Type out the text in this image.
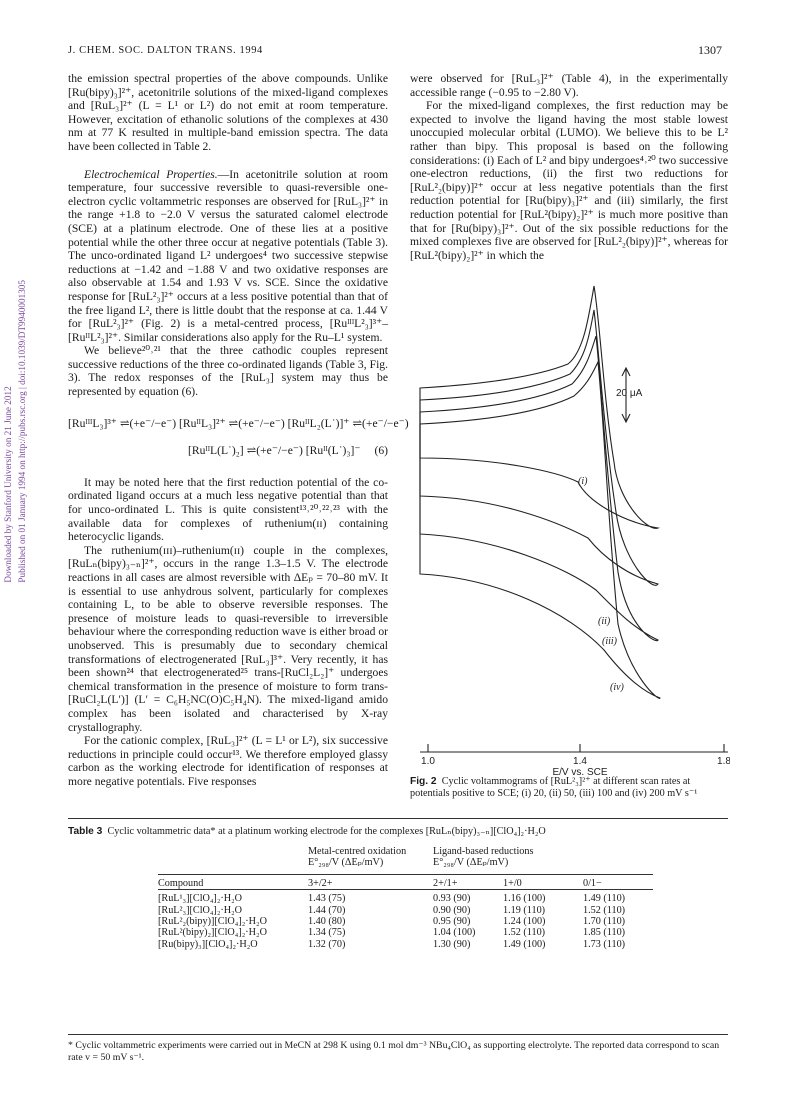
J. CHEM. SOC. DALTON TRANS. 1994	1307
Downloaded by Stanford University on 21 June 2012 Published on 01 January 1994 on http://pubs.rsc.org | doi:10.1039/DT9940001305

the emission spectral properties of the above compounds. Unlike [Ru(bipy)₃]²⁺, acetonitrile solutions of the mixed-ligand complexes and [RuL₃]²⁺ (L = L¹ or L²) do not emit at room temperature. However, excitation of ethanolic solutions of the complexes at 430 nm at 77 K resulted in multiple-band emission spectra. The data have been collected in Table 2.

Electrochemical Properties.—In acetonitrile solution at room temperature, four successive reversible to quasi-reversible one-electron cyclic voltammetric responses are observed for [RuL₃]²⁺ in the range +1.8 to −2.0 V versus the saturated calomel electrode (SCE) at a platinum electrode. One of these lies at a positive potential while the other three occur at negative potentials (Table 3). The unco-ordinated ligand L² undergoes⁴ two successive stepwise reductions at −1.42 and −1.88 V and two oxidative responses are also observable at 1.54 and 1.93 V vs. SCE. Since the oxidative response for [RuL²₃]²⁺ occurs at a less positive potential than that of the free ligand L², there is little doubt that the response at ca. 1.44 V for [RuL²₃]²⁺ (Fig. 2) is a metal-centred process, [RuᴵᴵᴵL²₃]³⁺–[RuᴵᴵL²₃]²⁺. Similar considerations also apply for the Ru–L¹ system.

We believe²⁰˒²¹ that the three cathodic couples represent successive reductions of the three co-ordinated ligands (Table 3, Fig. 3). The redox responses of the [RuL₃] system may thus be represented by equation (6).

[RuᴵᴵᴵL₃]³⁺ ⇌(+e⁻/−e⁻) [RuᴵᴵL₃]²⁺ ⇌(+e⁻/−e⁻) [RuᴵᴵL₂(L˙)]⁺ ⇌(+e⁻/−e⁻)
[RuᴵᴵL(L˙)₂] ⇌(+e⁻/−e⁻) [Ruᴵᴵ(L˙)₃]⁻ (6)

It may be noted here that the first reduction potential of the co-ordinated ligand occurs at a much less negative potential than that for unco-ordinated L. This is quite consistent¹³˒²⁰˒²²˒²³ with the available data for complexes of ruthenium(ɪɪ) containing heterocyclic ligands.

The ruthenium(ɪɪɪ)–ruthenium(ɪɪ) couple in the complexes, [RuLₙ(bipy)₃₋ₙ]²⁺, occurs in the range 1.3–1.5 V. The electrode reactions in all cases are almost reversible with ΔEₚ = 70–80 mV. It is essential to use anhydrous solvent, particularly for complexes containing L, to be able to observe reversible responses. The presence of moisture leads to quasi-reversible to irreversible behaviour where the corresponding reduction wave is either broad or unobserved. This is presumably due to secondary chemical transformations of electrogenerated [RuL₃]³⁺. Very recently, it has been shown²⁴ that electrogenerated²⁵ trans-[RuCl₂L₂]⁺ undergoes chemical transformation in the presence of moisture to form trans-[RuCl₂L(L′)] (L′ = C₆H₅NC(O)C₅H₄N). The mixed-ligand amido complex has been isolated and characterised by X-ray crystallography.

For the cationic complex, [RuL₃]²⁺ (L = L¹ or L²), six successive reductions in principle could occur¹³. We therefore employed glassy carbon as the working electrode for identification of responses at more negative potentials. Five responses

were observed for [RuL₃]²⁺ (Table 4), in the experimentally accessible range (−0.95 to −2.80 V).

For the mixed-ligand complexes, the first reduction may be expected to involve the ligand having the most stable lowest unoccupied molecular orbital (LUMO). We believe this to be L² rather than bipy. This proposal is based on the following considerations: (i) Each of L² and bipy undergoes⁴˒²⁰ two successive one-electron reductions, (ii) the first two reductions for [RuL²₂(bipy)]²⁺ occur at less negative potentials than the first reduction potential for [Ru(bipy)₃]²⁺ and (iii) similarly, the first reduction potential for [RuL²(bipy)₂]²⁺ is much more positive than that for [Ru(bipy)₃]²⁺. Out of the six possible reductions for the mixed complexes five are observed for [RuL²₂(bipy)]²⁺, whereas for [RuL²(bipy)₂]²⁺ in which the

(i)
(ii)
(iii)
(iv)
20 μA
1.0	1.4	1.8
E/V vs. SCE
Fig. 2 Cyclic voltammograms of [RuL²₃]²⁺ at different scan rates at potentials positive to SCE; (i) 20, (ii) 50, (iii) 100 and (iv) 200 mV s⁻¹
Table 3 Cyclic voltammetric data* at a platinum working electrode for the complexes [RuLₙ(bipy)₃₋ₙ][ClO₄]₂·H₂O
	Metal-centred oxidation		Ligand-based reductions		
	E°₂₉₈/V (ΔEₚ/mV)		E°₂₉₈/V (ΔEₚ/mV)		

Compound	3+/2+		2+/1+	1+/0	0/1−

[RuL¹₃][ClO₄]₂·H₂O	1.43 (75)		0.93 (90)	1.16 (100)	1.49 (110)
[RuL²₃][ClO₄]₂·H₂O	1.44 (70)		0.90 (90)	1.19 (110)	1.52 (110)
[RuL²₂(bipy)][ClO₄]₂·H₂O	1.40 (80)		0.95 (90)	1.24 (100)	1.70 (110)
[RuL²(bipy)₂][ClO₄]₂·H₂O	1.34 (75)		1.04 (100)	1.52 (110)	1.85 (110)
[Ru(bipy)₃][ClO₄]₂·H₂O	1.32 (70)		1.30 (90)	1.49 (100)	1.73 (110)
* Cyclic voltammetric experiments were carried out in MeCN at 298 K using 0.1 mol dm⁻³ NBu₄ClO₄ as supporting electrolyte. The reported data correspond to scan rate v = 50 mV s⁻¹.
